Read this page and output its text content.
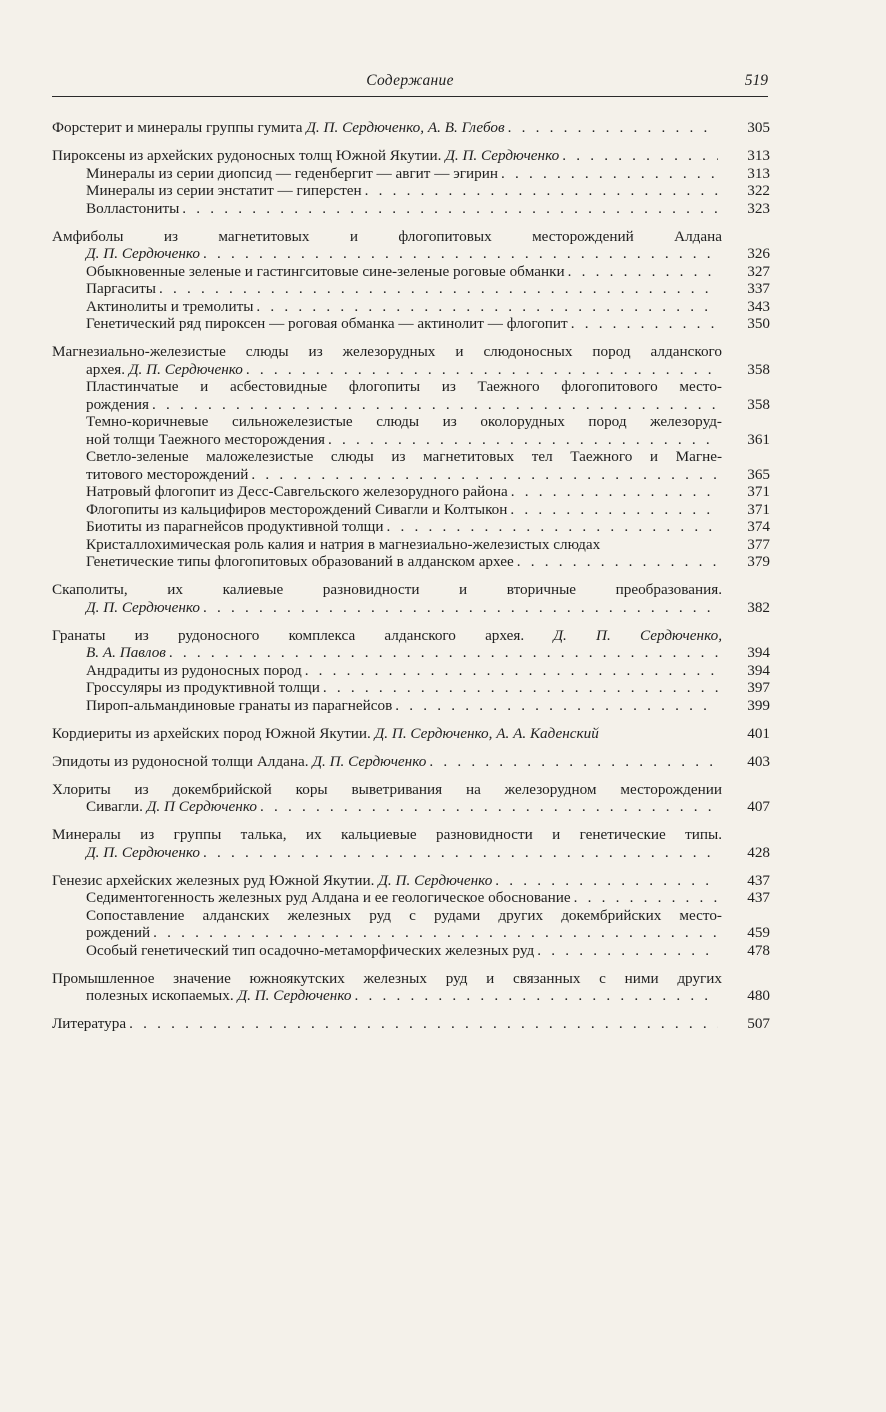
Содержание	519
Форстерит и минералы группы гумита Д. П. Сердюченко, А. В. Глебов . . .	305
Пироксены из архейских рудоносных толщ Южной Якутии. Д. П. Сердюченко . . .	313
Минералы из серии диопсид — геденбергит — авгит — эгирин . . .	313
Минералы из серии энстатит — гиперстен . . .	322
Волластониты . . .	323
Амфиболы из магнетитовых и флогопитовых месторождений Алдана
Д. П. Сердюченко . . .	326
Обыкновенные зеленые и гастингситовые сине-зеленые роговые обманки . . .	327
Паргаситы . . .	337
Актинолиты и тремолиты . . .	343
Генетический ряд пироксен — роговая обманка — актинолит — флогопит . . .	350
Магнезиально-железистые слюды из железорудных и слюдоносных пород алданского
архея. Д. П. Сердюченко . . .	358
Пластинчатые и асбестовидные флогопиты из Таежного флогопитового место-
рождения . . .	358
Темно-коричневые сильножелезистые слюды из околорудных пород железоруд-
ной толщи Таежного месторождения . . .	361
Светло-зеленые маложелезистые слюды из магнетитовых тел Таежного и Магне-
титового месторождений . . .	365
Натровый флогопит из Десс-Савгельского железорудного района . . .	371
Флогопиты из кальцифиров месторождений Сивагли и Колтыкон . . .	371
Биотиты из парагнейсов продуктивной толщи . . .	374
Кристаллохимическая роль калия и натрия в магнезиально-железистых слюдах	377
Генетические типы флогопитовых образований в алданском архее . . .	379
Скаполиты, их калиевые разновидности и вторичные преобразования.
Д. П. Сердюченко . . .	382
Гранаты из рудоносного комплекса алданского архея. Д. П. Сердюченко,
В. А. Павлов . . .	394
Андрадиты из рудоносных пород . . .	394
Гроссуляры из продуктивной толщи . . .	397
Пироп-альмандиновые гранаты из парагнейсов . . .	399
Кордиериты из архейских пород Южной Якутии. Д. П. Сердюченко, А. А. Каденский	401
Эпидоты из рудоносной толщи Алдана. Д. П. Сердюченко . . .	403
Хлориты из докембрийской коры выветривания на железорудном месторождении
Сивагли. Д. П Сердюченко . . .	407
Минералы из группы талька, их кальциевые разновидности и генетические типы.
Д. П. Сердюченко . . .	428
Генезис архейских железных руд Южной Якутии. Д. П. Сердюченко . . .	437
Седиментогенность железных руд Алдана и ее геологическое обоснование . . .	437
Сопоставление алданских железных руд с рудами других докембрийских место-
рождений . . .	459
Особый генетический тип осадочно-метаморфических железных руд . . .	478
Промышленное значение южноякутских железных руд и связанных с ними других
полезных ископаемых. Д. П. Сердюченко . . .	480
Литература . . .	507
